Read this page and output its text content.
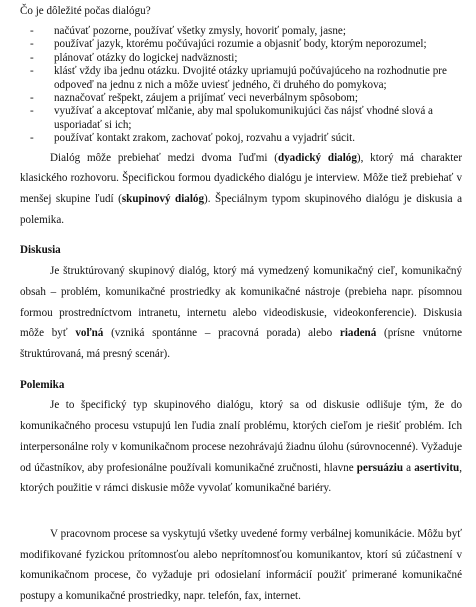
Čo je dôležité počas dialógu?

- načúvať pozorne, používať všetky zmysly, hovoriť pomaly, jasne;
- používať jazyk, ktorému počúvajúci rozumie a objasniť body, ktorým neporozumel;
- plánovať otázky do logickej nadväznosti;
- klásť vždy iba jednu otázku. Dvojité otázky upriamujú počúvajúceho na rozhodnutie pre odpoveď na jednu z nich a môže uviesť jedného, či druhého do pomykova;
- naznačovať rešpekt, záujem a prijímať veci neverbálnym spôsobom;
- využívať a akceptovať mlčanie, aby mal spolukomunikujúci čas nájsť vhodné slová a usporiadať si ich;
- používať kontakt zrakom, zachovať pokoj, rozvahu a vyjadriť súcit.

Dialóg môže prebiehať medzi dvoma ľuďmi (dyadický dialóg), ktorý má charakter klasického rozhovoru. Špecifickou formou dyadického dialógu je interview. Môže tiež prebiehať v menšej skupine ľudí (skupinový dialóg). Špeciálnym typom skupinového dialógu je diskusia a polemika.

Diskusia

Je štruktúrovaný skupinový dialóg, ktorý má vymedzený komunikačný cieľ, komunikačný obsah – problém, komunikačné prostriedky ak komunikačné nástroje (prebieha napr. písomnou formou prostredníctvom intranetu, internetu alebo videodiskusie, videokonferencie). Diskusia môže byť voľná (vzniká spontánne – pracovná porada) alebo riadená (prísne vnútorne štruktúrovaná, má presný scenár).

Polemika

Je to špecifický typ skupinového dialógu, ktorý sa od diskusie odlišuje tým, že do komunikačného procesu vstupujú len ľudia znalí problému, ktorých cieľom je riešiť problém. Ich interpersonálne roly v komunikačnom procese nezohrávajú žiadnu úlohu (súrovnocenné). Vyžaduje od účastníkov, aby profesionálne používali komunikačné zručnosti, hlavne persuáziu a asertivitu, ktorých použitie v rámci diskusie môže vyvolať komunikačné bariéry.

V pracovnom procese sa vyskytujú všetky uvedené formy verbálnej komunikácie. Môžu byť modifikované fyzickou prítomnosťou alebo neprítomnosťou komunikantov, ktorí sú zúčastnení v komunikačnom procese, čo vyžaduje pri odosielaní informácií použiť primerané komunikačné postupy a komunikačné prostriedky, napr. telefón, fax, internet.
